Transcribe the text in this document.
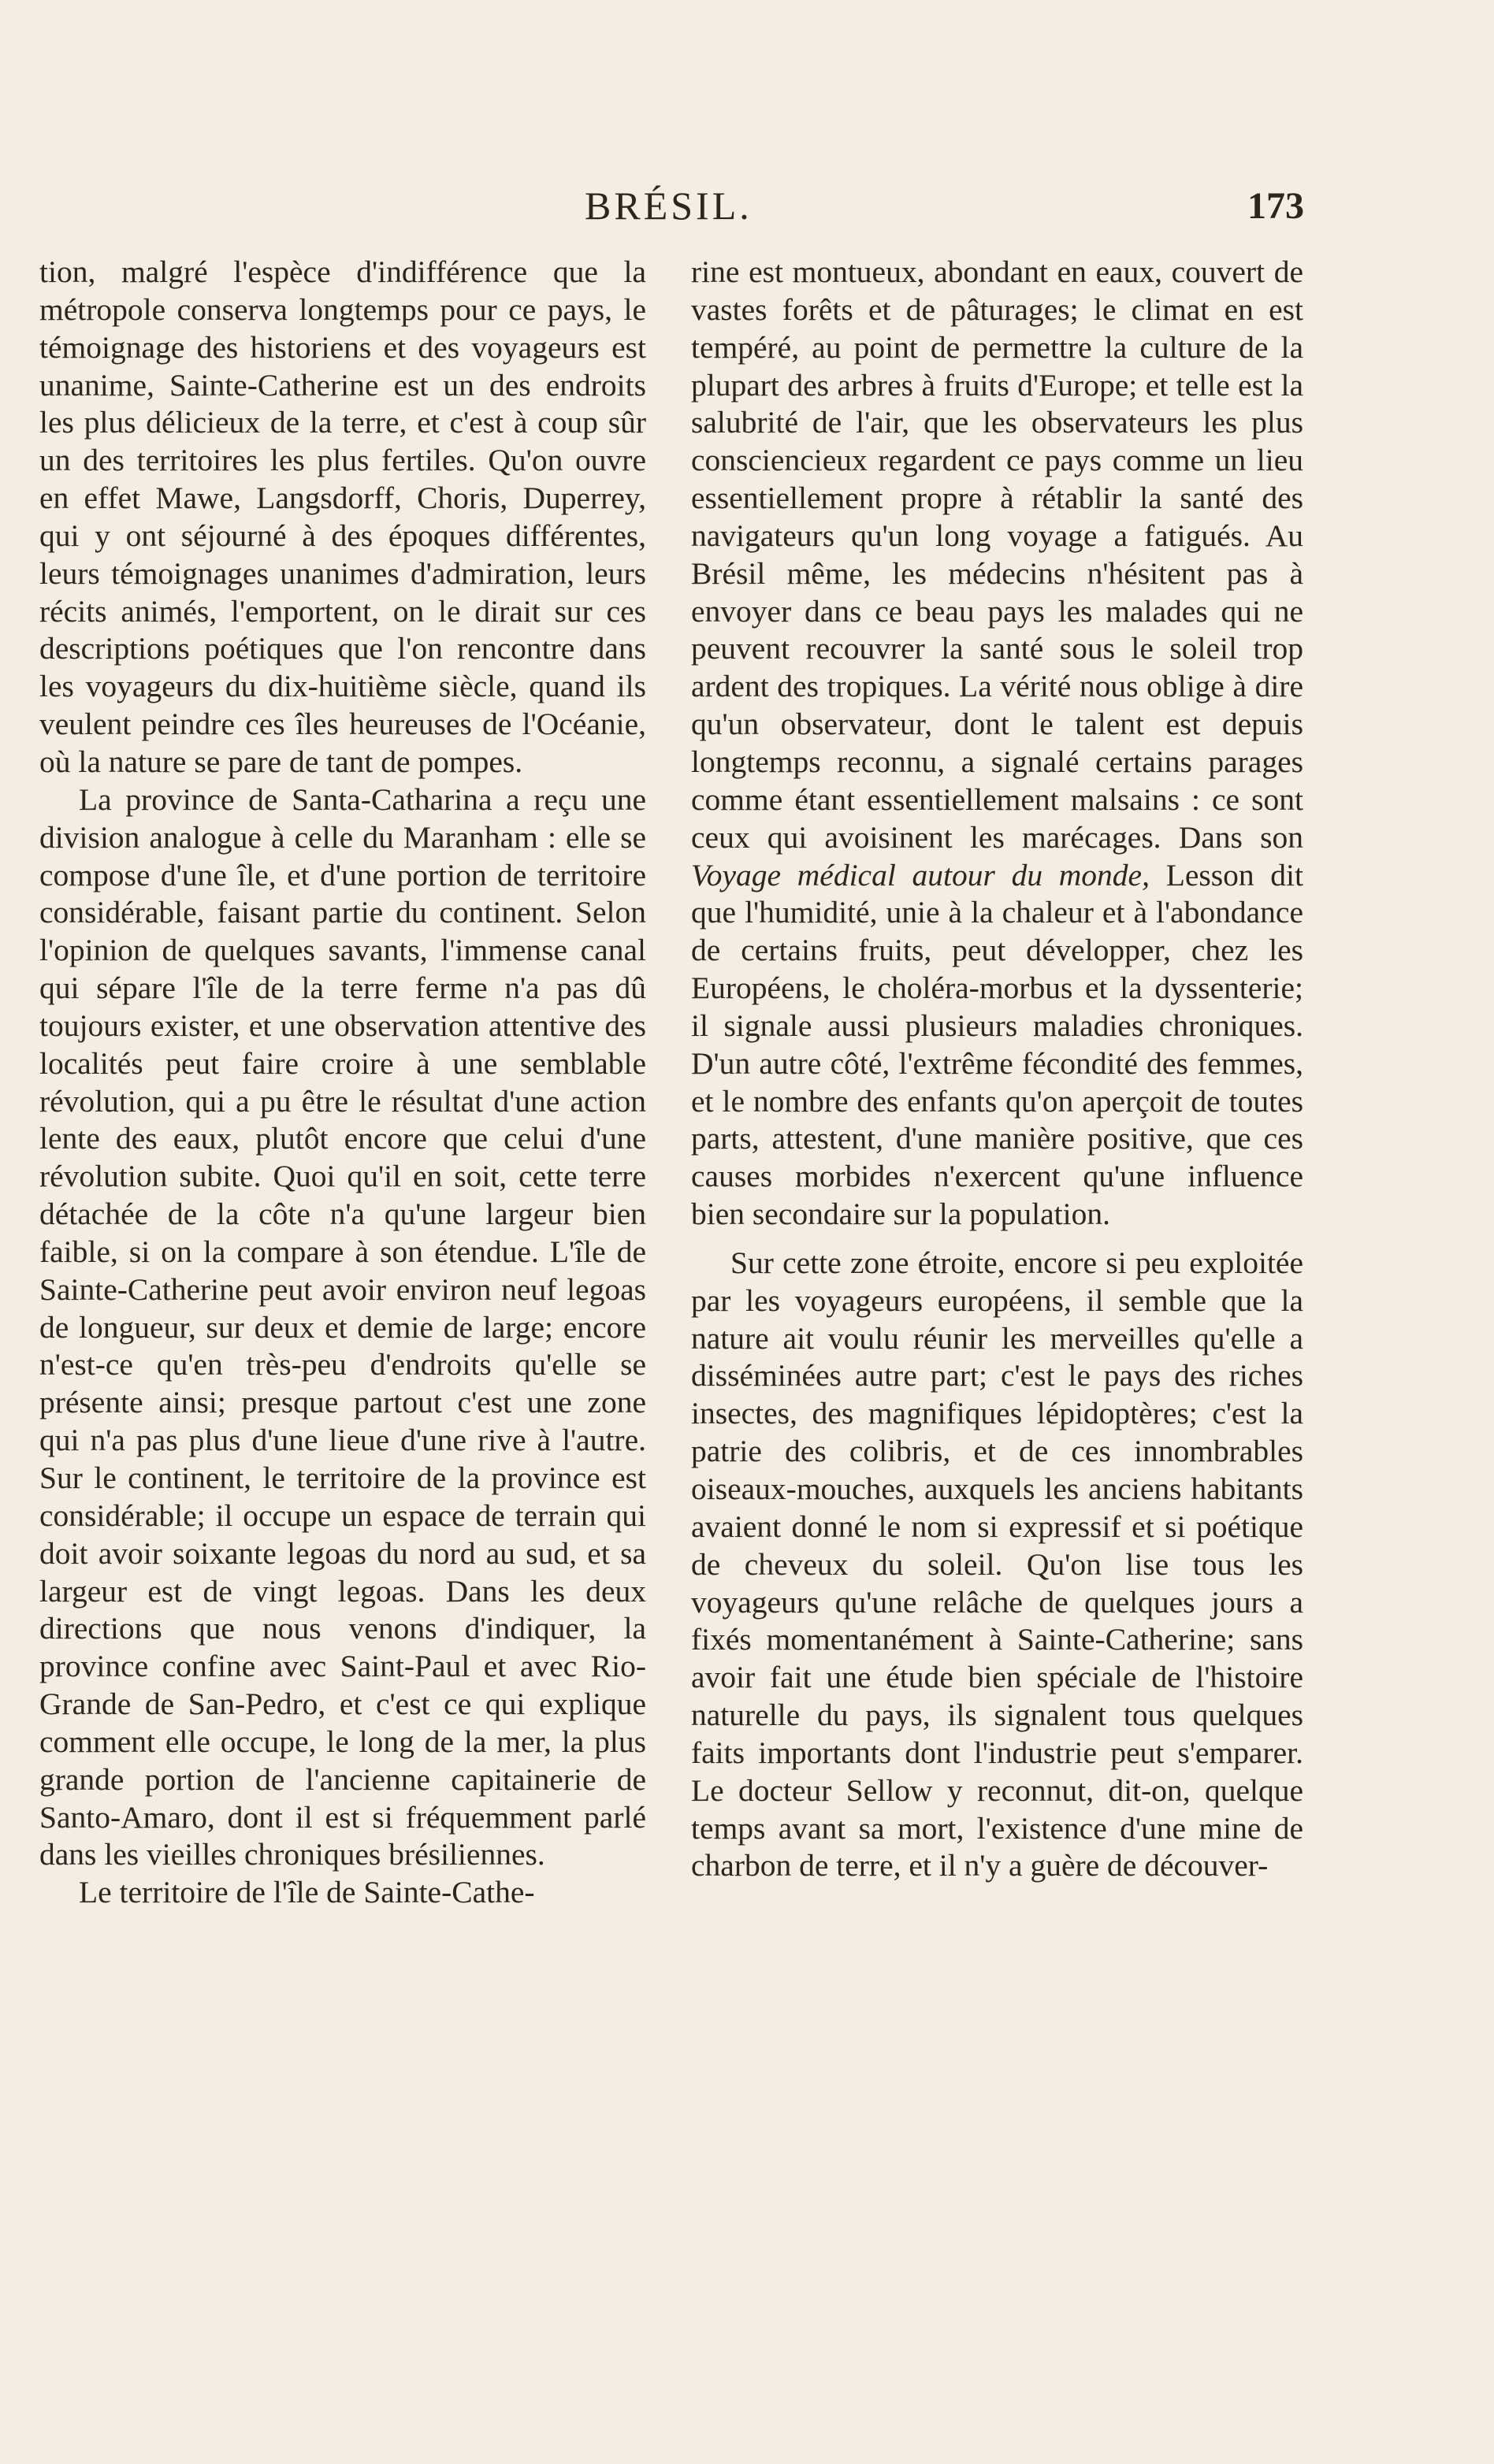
BRÉSIL.	173

tion, malgré l'espèce d'indifférence que la métropole conserva longtemps pour ce pays, le témoignage des historiens et des voyageurs est unanime, Sainte-Catherine est un des endroits les plus délicieux de la terre, et c'est à coup sûr un des territoires les plus fertiles. Qu'on ouvre en effet Mawe, Langsdorff, Choris, Duperrey, qui y ont séjourné à des époques différentes, leurs témoignages unanimes d'admiration, leurs récits animés, l'emportent, on le dirait sur ces descriptions poétiques que l'on rencontre dans les voyageurs du dix-huitième siècle, quand ils veulent peindre ces îles heureuses de l'Océanie, où la nature se pare de tant de pompes.

La province de Santa-Catharina a reçu une division analogue à celle du Maranham : elle se compose d'une île, et d'une portion de territoire considérable, faisant partie du continent. Selon l'opinion de quelques savants, l'immense canal qui sépare l'île de la terre ferme n'a pas dû toujours exister, et une observation attentive des localités peut faire croire à une semblable révolution, qui a pu être le résultat d'une action lente des eaux, plutôt encore que celui d'une révolution subite. Quoi qu'il en soit, cette terre détachée de la côte n'a qu'une largeur bien faible, si on la compare à son étendue. L'île de Sainte-Catherine peut avoir environ neuf legoas de longueur, sur deux et demie de large; encore n'est-ce qu'en très-peu d'endroits qu'elle se présente ainsi; presque partout c'est une zone qui n'a pas plus d'une lieue d'une rive à l'autre. Sur le continent, le territoire de la province est considérable; il occupe un espace de terrain qui doit avoir soixante legoas du nord au sud, et sa largeur est de vingt legoas. Dans les deux directions que nous venons d'indiquer, la province confine avec Saint-Paul et avec Rio-Grande de San-Pedro, et c'est ce qui explique comment elle occupe, le long de la mer, la plus grande portion de l'ancienne capitainerie de Santo-Amaro, dont il est si fréquemment parlé dans les vieilles chroniques brésiliennes.

Le territoire de l'île de Sainte-Cathe-

rine est montueux, abondant en eaux, couvert de vastes forêts et de pâturages; le climat en est tempéré, au point de permettre la culture de la plupart des arbres à fruits d'Europe; et telle est la salubrité de l'air, que les observateurs les plus consciencieux regardent ce pays comme un lieu essentiellement propre à rétablir la santé des navigateurs qu'un long voyage a fatigués. Au Brésil même, les médecins n'hésitent pas à envoyer dans ce beau pays les malades qui ne peuvent recouvrer la santé sous le soleil trop ardent des tropiques. La vérité nous oblige à dire qu'un observateur, dont le talent est depuis longtemps reconnu, a signalé certains parages comme étant essentiellement malsains : ce sont ceux qui avoisinent les marécages. Dans son Voyage médical autour du monde, Lesson dit que l'humidité, unie à la chaleur et à l'abondance de certains fruits, peut développer, chez les Européens, le choléra-morbus et la dyssenterie; il signale aussi plusieurs maladies chroniques. D'un autre côté, l'extrême fécondité des femmes, et le nombre des enfants qu'on aperçoit de toutes parts, attestent, d'une manière positive, que ces causes morbides n'exercent qu'une influence bien secondaire sur la population.

Sur cette zone étroite, encore si peu exploitée par les voyageurs européens, il semble que la nature ait voulu réunir les merveilles qu'elle a disséminées autre part; c'est le pays des riches insectes, des magnifiques lépidoptères; c'est la patrie des colibris, et de ces innombrables oiseaux-mouches, auxquels les anciens habitants avaient donné le nom si expressif et si poétique de cheveux du soleil. Qu'on lise tous les voyageurs qu'une relâche de quelques jours a fixés momentanément à Sainte-Catherine; sans avoir fait une étude bien spéciale de l'histoire naturelle du pays, ils signalent tous quelques faits importants dont l'industrie peut s'emparer. Le docteur Sellow y reconnut, dit-on, quelque temps avant sa mort, l'existence d'une mine de charbon de terre, et il n'y a guère de découver-
